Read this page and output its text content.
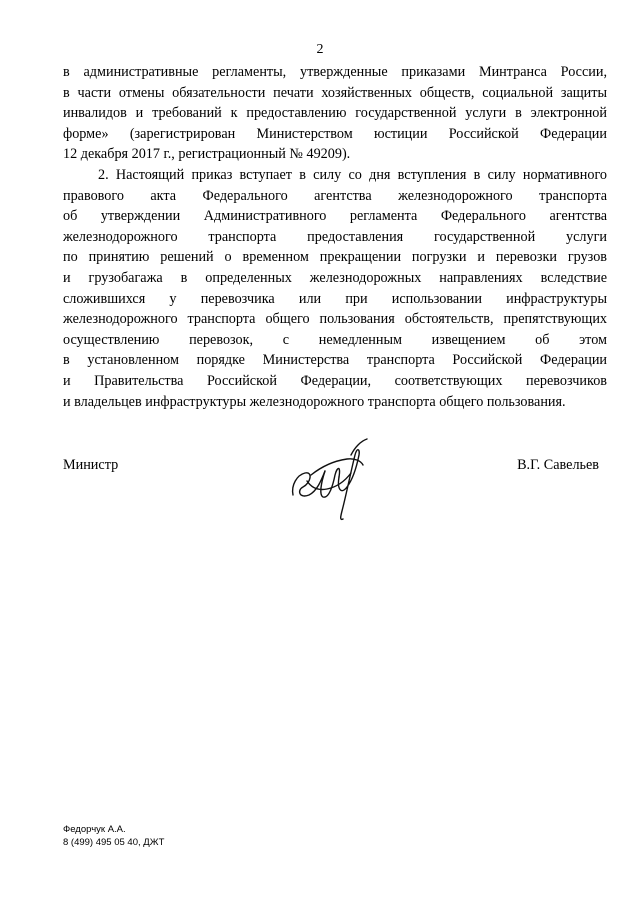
2
в административные регламенты, утвержденные приказами Минтранса России,
в части отмены обязательности печати хозяйственных обществ, социальной защиты
инвалидов и требований к предоставлению государственной услуги в электронной
форме» (зарегистрирован Министерством юстиции Российской Федерации
12 декабря 2017 г., регистрационный № 49209).
2. Настоящий приказ вступает в силу со дня вступления в силу нормативного
правового акта Федерального агентства железнодорожного транспорта
об утверждении Административного регламента Федерального агентства
железнодорожного транспорта предоставления государственной услуги
по принятию решений о временном прекращении погрузки и перевозки грузов
и грузобагажа в определенных железнодорожных направлениях вследствие
сложившихся у перевозчика или при использовании инфраструктуры
железнодорожного транспорта общего пользования обстоятельств, препятствующих
осуществлению перевозок, с немедленным извещением об этом
в установленном порядке Министерства транспорта Российской Федерации
и Правительства Российской Федерации, соответствующих перевозчиков
и владельцев инфраструктуры железнодорожного транспорта общего пользования.
Министр	В.Г. Савельев
Федорчук А.А.
8 (499) 495 05 40, ДЖТ
